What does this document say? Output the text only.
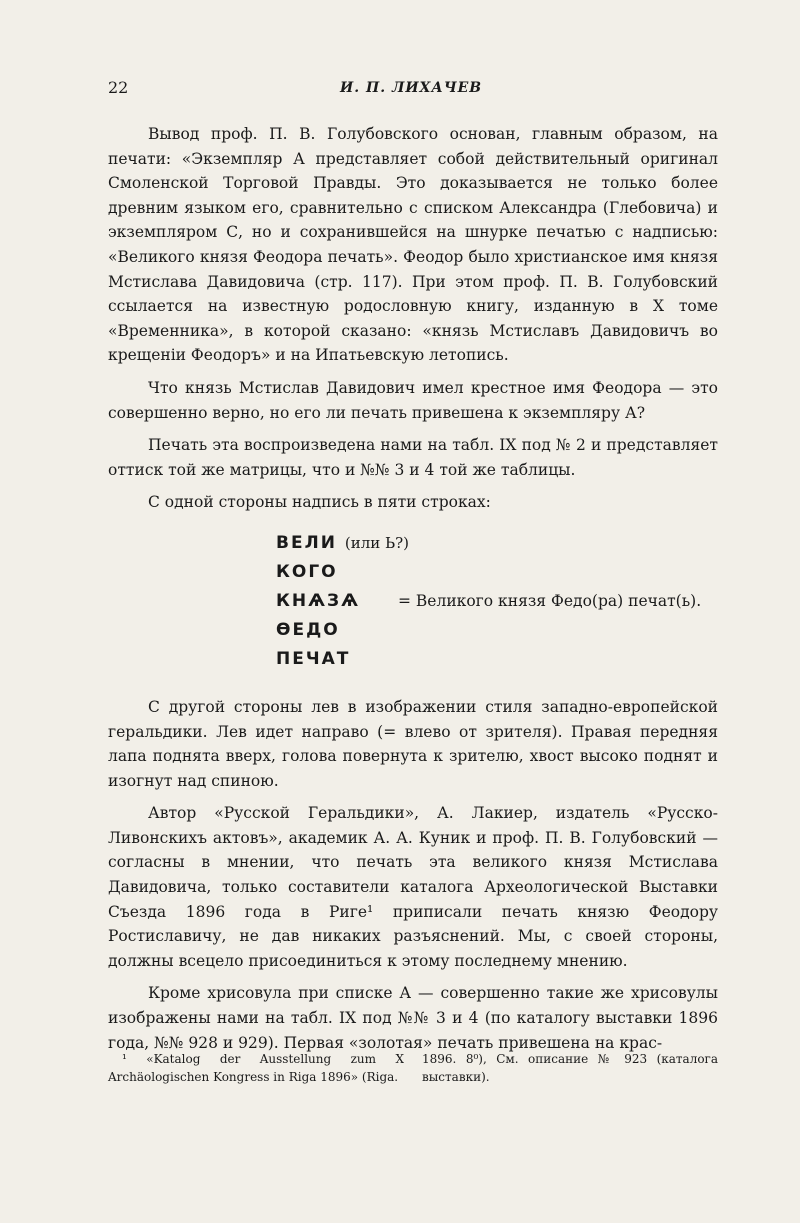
22	И. П. ЛИХАЧЕВ

Вывод проф. П. В. Голубовского основан, главным образом, на печати: «Экземпляр А представляет собой действительный оригинал Смоленской Торговой Правды. Это доказывается не только более древним языком его, сравнительно с списком Александра (Глебовича) и экземпляром С, но и сохранившейся на шнурке печатью с надписью: «Великого князя Феодора печать». Феодор было христианское имя князя Мстислава Давидовича (стр. 117). При этом проф. П. В. Голубовский ссылается на известную родословную книгу, изданную в X томе «Временника», в которой сказано: «князь Мстиславъ Давидовичъ во крещенiи Феодоръ» и на Ипатьевскую летопись.

Что князь Мстислав Давидович имел крестное имя Феодора — это совершенно верно, но его ли печать привешена к экземпляру А?

Печать эта воспроизведена нами на табл. IX под № 2 и представляет оттиск той же матрицы, что и №№ 3 и 4 той же таблицы.

С одной стороны надпись в пяти строках:

ВЕЛИ (или Ь?)
КОГО
КНѦЗѦ
ѲЕДО
ПЕЧАТ
= Великого князя Федо(ра) печат(ь).

С другой стороны лев в изображении стиля западно-европейской геральдики. Лев идет направо (= влево от зрителя). Правая передняя лапа поднята вверх, голова повернута к зрителю, хвост высоко поднят и изогнут над спиною.

Автор «Русской Геральдики», А. Лакиер, издатель «Русско-Ливонскихъ актовъ», академик А. А. Куник и проф. П. В. Голубовский — согласны в мнении, что печать эта великого князя Мстислава Давидовича, только составители каталога Археологической Выставки Съезда 1896 года в Риге¹ приписали печать князю Феодору Ростиславичу, не дав никаких разъяснений. Мы, с своей стороны, должны всецело присоединиться к этому последнему мнению.

Кроме хрисовула при списке А — совершенно такие же хрисовулы изображены нами на табл. IX под №№ 3 и 4 (по каталогу выставки 1896 года, №№ 928 и 929). Первая «золотая» печать привешена на крас-

¹ «Katalog der Ausstellung zum X Archäologischen Kongress in Riga 1896» (Riga.
1896. 8⁰), См. описание № 923 (каталога выставки).
